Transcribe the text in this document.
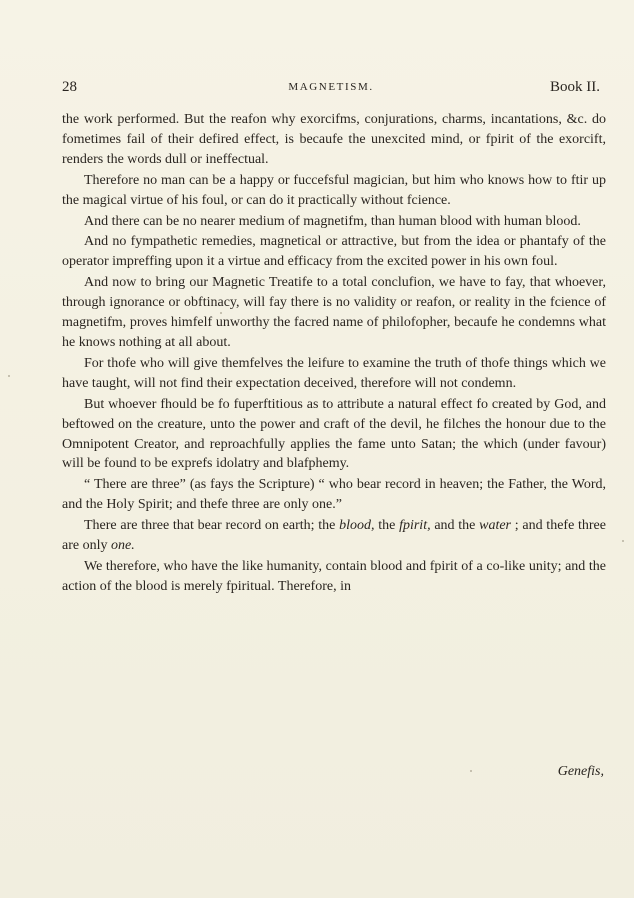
28	MAGNETISM.	Book II.

the work performed. But the reafon why exorcifms, conjurations, charms, incantations, &c. do fometimes fail of their defired effect, is becaufe the unexcited mind, or fpirit of the exorcift, renders the words dull or ineffectual.

Therefore no man can be a happy or fuccefsful magician, but him who knows how to ftir up the magical virtue of his foul, or can do it practically without fcience.

And there can be no nearer medium of magnetifm, than human blood with human blood.

And no fympathetic remedies, magnetical or attractive, but from the idea or phantafy of the operator impreffing upon it a virtue and efficacy from the excited power in his own foul.

And now to bring our Magnetic Treatife to a total conclufion, we have to fay, that whoever, through ignorance or obftinacy, will fay there is no validity or reafon, or reality in the fcience of magnetifm, proves himfelf unworthy the facred name of philofopher, becaufe he condemns what he knows nothing at all about.

For thofe who will give themfelves the leifure to examine the truth of thofe things which we have taught, will not find their expectation deceived, therefore will not condemn.

But whoever fhould be fo fuperftitious as to attribute a natural effect fo created by God, and beftowed on the creature, unto the power and craft of the devil, he filches the honour due to the Omnipotent Creator, and reproachfully applies the fame unto Satan; the which (under favour) will be found to be exprefs idolatry and blafphemy.

“ There are three” (as fays the Scripture) “ who bear record in heaven; the Father, the Word, and the Holy Spirit; and thefe three are only one.”

There are three that bear record on earth; the blood, the fpirit, and the water ; and thefe three are only one.

We therefore, who have the like humanity, contain blood and fpirit of a co-like unity; and the action of the blood is merely fpiritual. Therefore, in

Genefis,
